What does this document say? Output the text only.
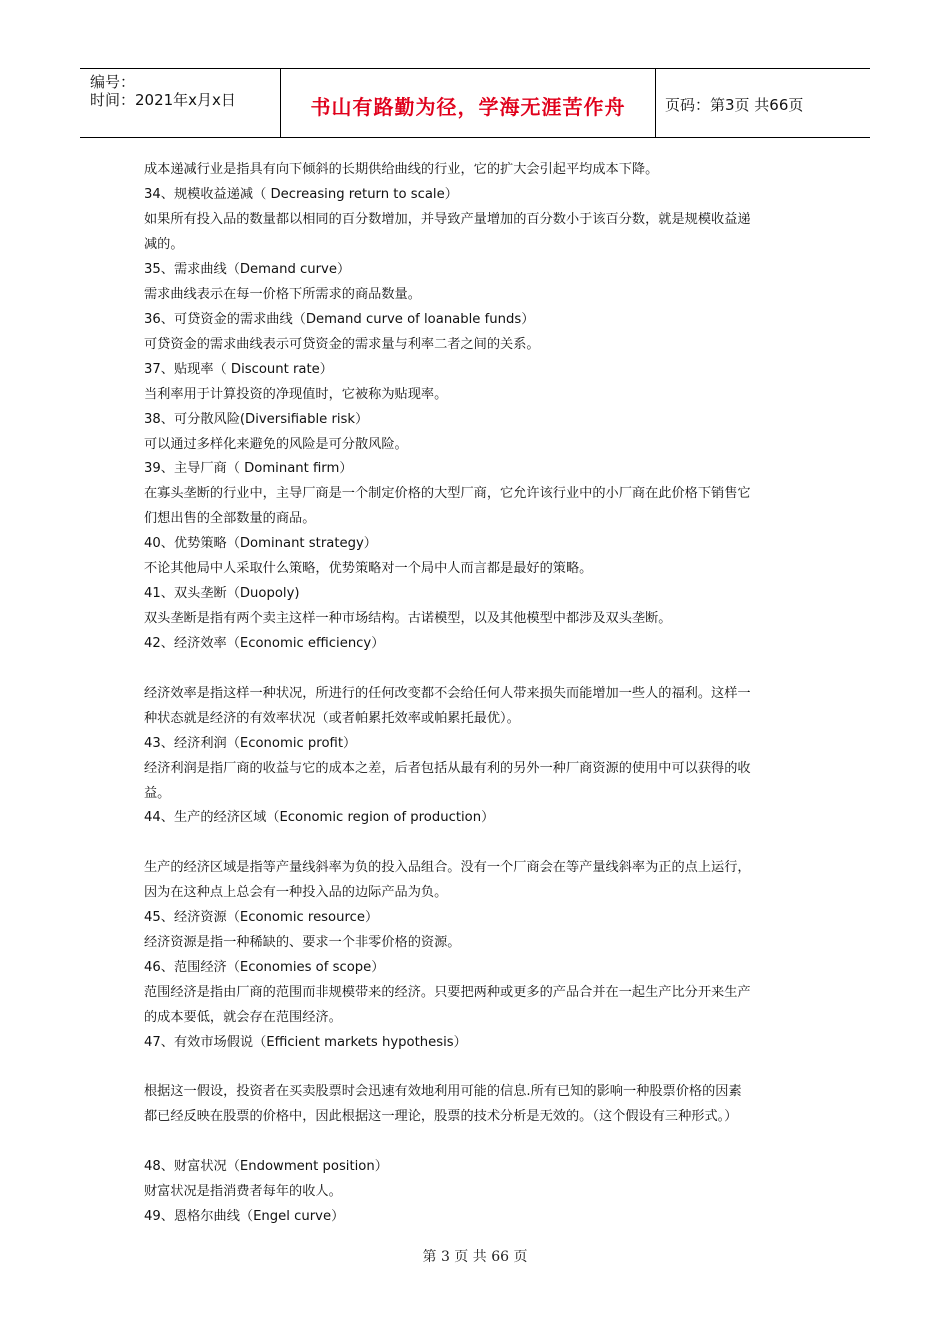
编号：
时间：2021年x月x日	书山有路勤为径，学海无涯苦作舟	页码：第3页 共66页
成本递减行业是指具有向下倾斜的长期供给曲线的行业，它的扩大会引起平均成本下降。
34、规模收益递减（ Decreasing return to scale）
如果所有投入品的数量都以相同的百分数增加，并导致产量增加的百分数小于该百分数，就是规模收益递
减的。
35、需求曲线（Demand curve）
需求曲线表示在每一价格下所需求的商品数量。
36、可贷资金的需求曲线（Demand curve of loanable funds）
可贷资金的需求曲线表示可贷资金的需求量与利率二者之间的关系。
37、贴现率（ Discount rate）
当利率用于计算投资的净现值时，它被称为贴现率。
38、可分散风险(Diversifiable risk）
可以通过多样化来避免的风险是可分散风险。
39、主导厂商（ Dominant firm）
在寡头垄断的行业中，主导厂商是一个制定价格的大型厂商，它允许该行业中的小厂商在此价格下销售它
们想出售的全部数量的商品。
40、优势策略（Dominant strategy）
不论其他局中人采取什么策略，优势策略对一个局中人而言都是最好的策略。
41、双头垄断（Duopoly)
双头垄断是指有两个卖主这样一种市场结构。古诺模型，以及其他模型中都涉及双头垄断。
42、经济效率（Economic efficiency）
经济效率是指这样一种状况，所进行的任何改变都不会给任何人带来损失而能增加一些人的福利。这样一
种状态就是经济的有效率状况（或者帕累托效率或帕累托最优）。
43、经济利润（Economic profit）
经济利润是指厂商的收益与它的成本之差，后者包括从最有利的另外一种厂商资源的使用中可以获得的收
益。
44、生产的经济区域（Economic region of production）
生产的经济区域是指等产量线斜率为负的投入品组合。没有一个厂商会在等产量线斜率为正的点上运行，
因为在这种点上总会有一种投入品的边际产品为负。
45、经济资源（Economic resource）
经济资源是指一种稀缺的、要求一个非零价格的资源。
46、范围经济（Economies of scope）
范围经济是指由厂商的范围而非规模带来的经济。只要把两种或更多的产品合并在一起生产比分开来生产
的成本要低，就会存在范围经济。
47、有效市场假说（Efficient markets hypothesis）
根据这一假设，投资者在买卖股票时会迅速有效地利用可能的信息.所有已知的影响一种股票价格的因素
都已经反映在股票的价格中，因此根据这一理论，股票的技术分析是无效的。（这个假设有三种形式。）
48、财富状况（Endowment position）
财富状况是指消费者每年的收人。
49、恩格尔曲线（Engel curve）
第 3 页 共 66 页
